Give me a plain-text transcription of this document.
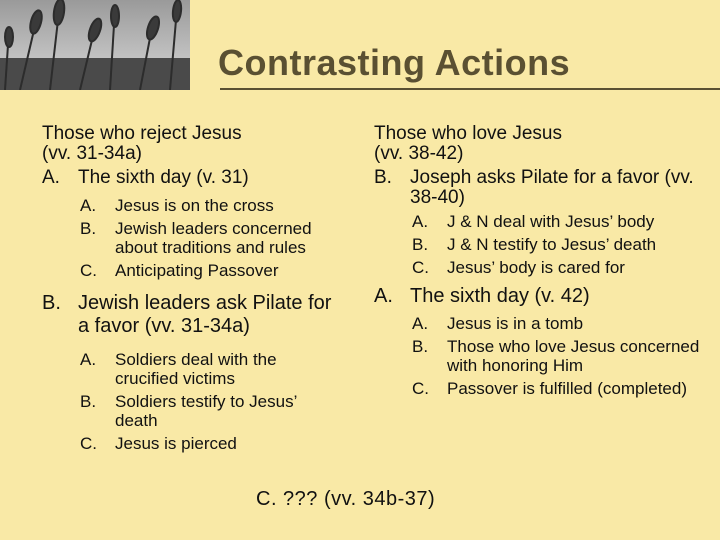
Contrasting Actions
Those who reject Jesus
(vv. 31-34a)
A. The sixth day (v. 31)
A. Jesus is on the cross
B. Jewish leaders concerned about traditions and rules
C. Anticipating Passover
B. Jewish leaders ask Pilate for a favor (vv. 31-34a)
A. Soldiers deal with the crucified victims
B. Soldiers testify to Jesus’ death
C. Jesus is pierced
Those who love Jesus
(vv. 38-42)
B. Joseph asks Pilate for a favor (vv. 38-40)
A. J & N deal with Jesus’ body
B. J & N testify to Jesus’ death
C. Jesus’ body is cared for
A. The sixth day (v. 42)
A. Jesus is in a tomb
B. Those who love Jesus concerned with honoring Him
C. Passover is fulfilled (completed)
C. ??? (vv. 34b-37)
